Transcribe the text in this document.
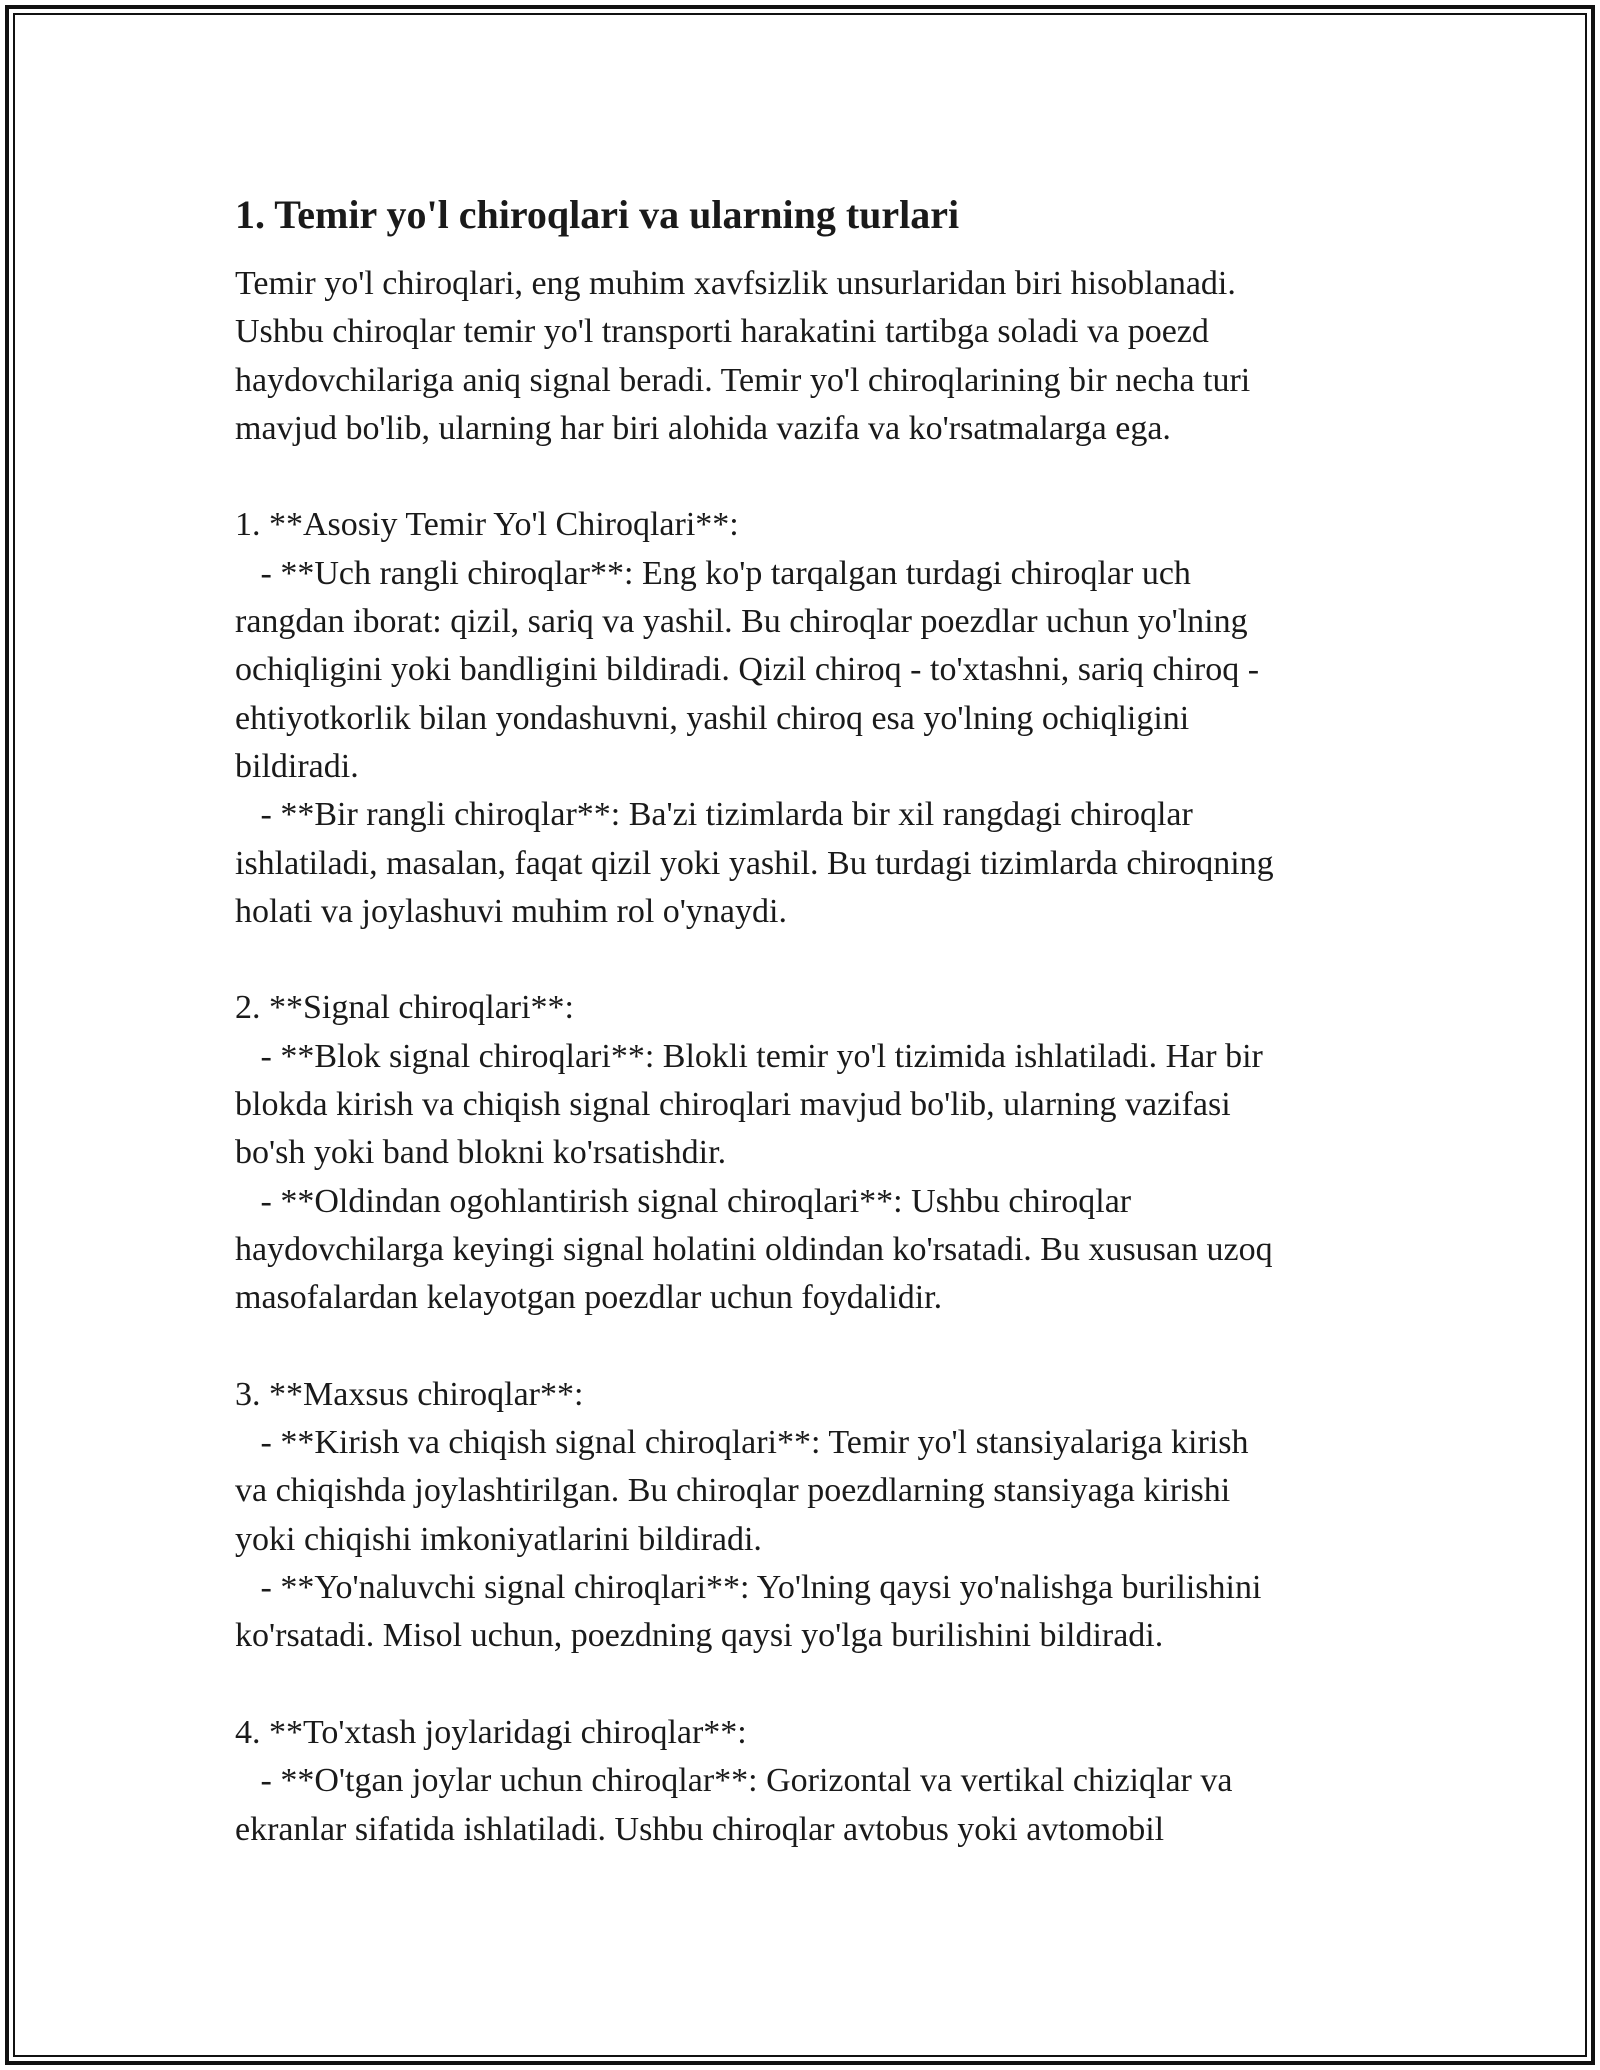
1. Temir yo'l chiroqlari va ularning turlari

Temir yo'l chiroqlari, eng muhim xavfsizlik unsurlaridan biri hisoblanadi.
Ushbu chiroqlar temir yo'l transporti harakatini tartibga soladi va poezd
haydovchilariga aniq signal beradi. Temir yo'l chiroqlarining bir necha turi
mavjud bo'lib, ularning har biri alohida vazifa va ko'rsatmalarga ega.

1. **Asosiy Temir Yo'l Chiroqlari**:
- **Uch rangli chiroqlar**: Eng ko'p tarqalgan turdagi chiroqlar uch
rangdan iborat: qizil, sariq va yashil. Bu chiroqlar poezdlar uchun yo'lning
ochiqligini yoki bandligini bildiradi. Qizil chiroq - to'xtashni, sariq chiroq -
ehtiyotkorlik bilan yondashuvni, yashil chiroq esa yo'lning ochiqligini
bildiradi.
- **Bir rangli chiroqlar**: Ba'zi tizimlarda bir xil rangdagi chiroqlar
ishlatiladi, masalan, faqat qizil yoki yashil. Bu turdagi tizimlarda chiroqning
holati va joylashuvi muhim rol o'ynaydi.
2. **Signal chiroqlari**:
- **Blok signal chiroqlari**: Blokli temir yo'l tizimida ishlatiladi. Har bir
blokda kirish va chiqish signal chiroqlari mavjud bo'lib, ularning vazifasi
bo'sh yoki band blokni ko'rsatishdir.
- **Oldindan ogohlantirish signal chiroqlari**: Ushbu chiroqlar
haydovchilarga keyingi signal holatini oldindan ko'rsatadi. Bu xususan uzoq
masofalardan kelayotgan poezdlar uchun foydalidir.
3. **Maxsus chiroqlar**:
- **Kirish va chiqish signal chiroqlari**: Temir yo'l stansiyalariga kirish
va chiqishda joylashtirilgan. Bu chiroqlar poezdlarning stansiyaga kirishi
yoki chiqishi imkoniyatlarini bildiradi.
- **Yo'naluvchi signal chiroqlari**: Yo'lning qaysi yo'nalishga burilishini
ko'rsatadi. Misol uchun, poezdning qaysi yo'lga burilishini bildiradi.
4. **To'xtash joylaridagi chiroqlar**:
- **O'tgan joylar uchun chiroqlar**: Gorizontal va vertikal chiziqlar va
ekranlar sifatida ishlatiladi. Ushbu chiroqlar avtobus yoki avtomobil
